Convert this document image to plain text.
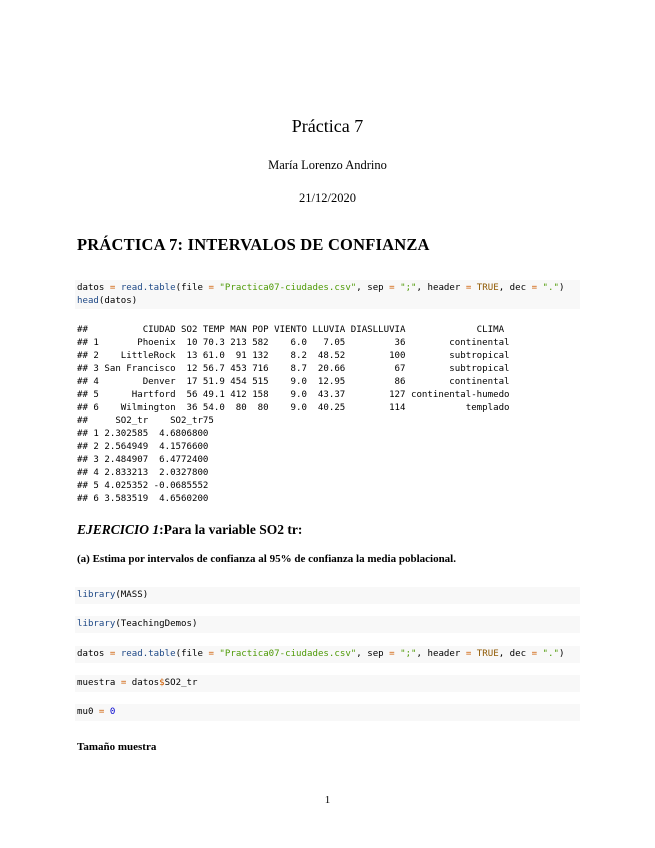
Práctica 7
María Lorenzo Andrino
21/12/2020
PRÁCTICA 7: INTERVALOS DE CONFIANZA
datos = read.table(file = "Practica07-ciudades.csv", sep = ";", header = TRUE, dec = ".")
head(datos)
##          CIUDAD SO2 TEMP MAN POP VIENTO LLUVIA DIASLLUVIA             CLIMA
## 1       Phoenix  10 70.3 213 582    6.0   7.05         36        continental
## 2    LittleRock  13 61.0  91 132    8.2  48.52        100        subtropical
## 3 San Francisco  12 56.7 453 716    8.7  20.66         67        subtropical
## 4        Denver  17 51.9 454 515    9.0  12.95         86        continental
## 5      Hartford  56 49.1 412 158    9.0  43.37        127 continental-humedo
## 6    Wilmington  36 54.0  80  80    9.0  40.25        114           templado
##     SO2_tr    SO2_tr75
## 1 2.302585  4.6806800
## 2 2.564949  4.1576600
## 3 2.484907  6.4772400
## 4 2.833213  2.0327800
## 5 4.025352 -0.0685552
## 6 3.583519  4.6560200
EJERCICIO 1:Para la variable SO2 tr:
(a) Estima por intervalos de confianza al 95% de confianza la media poblacional.
library(MASS)
library(TeachingDemos)
datos = read.table(file = "Practica07-ciudades.csv", sep = ";", header = TRUE, dec = ".")
muestra = datos$SO2_tr
mu0 = 0
Tamaño muestra
1
